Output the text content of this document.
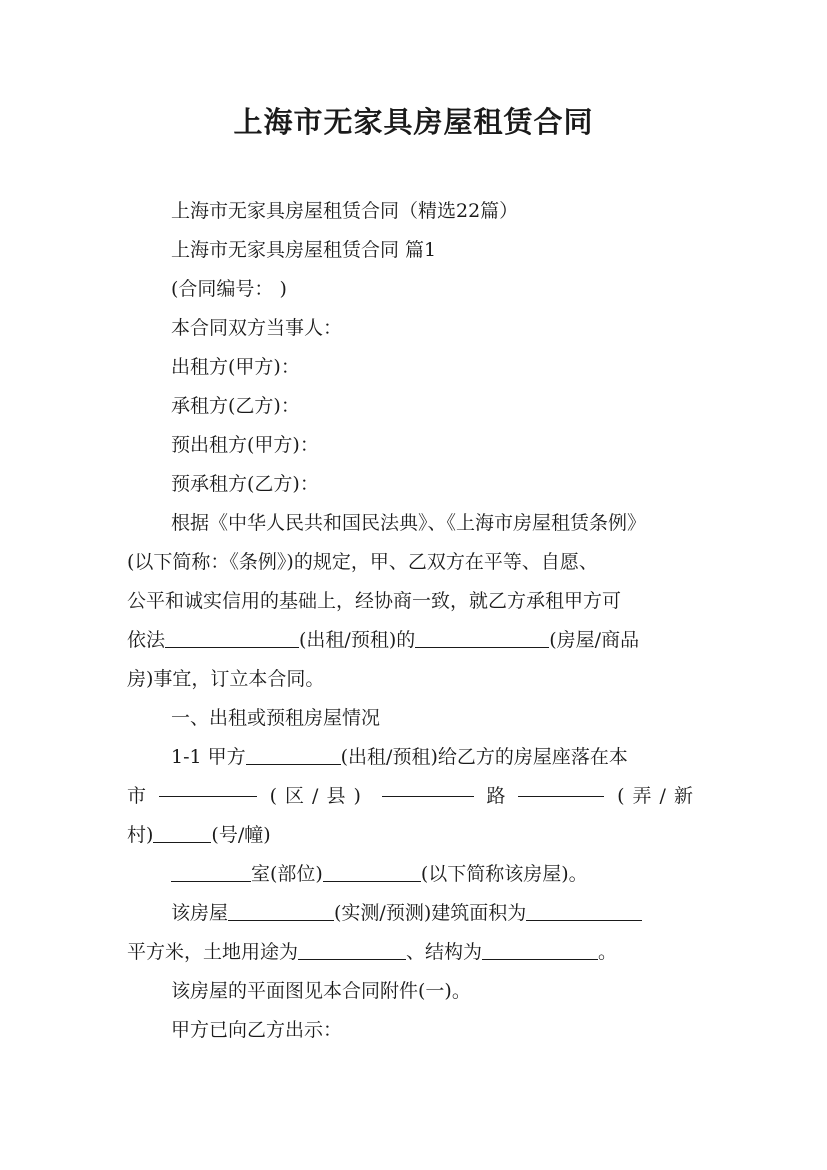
上海市无家具房屋租赁合同

上海市无家具房屋租赁合同（精选22篇）

上海市无家具房屋租赁合同 篇1

(合同编号： )

本合同双方当事人：

出租方(甲方)：

承租方(乙方)：

预出租方(甲方)：

预承租方(乙方)：

根据《中华人民共和国民法典》、《上海市房屋租赁条例》

(以下简称：《条例》)的规定，甲、乙双方在平等、自愿、

公平和诚实信用的基础上，经协商一致，就乙方承租甲方可

依法	(出租/预租)的	(房屋/商品

房)事宜，订立本合同。

一、出租或预租房屋情况

1-1 甲方	(出租/预租)给乙方的房屋座落在本

市	(区/县)	路	(弄/新

村)	(号/幢)

室(部位)	(以下简称该房屋)。

该房屋	(实测/预测)建筑面积为

平方米，土地用途为	、结构为	。

该房屋的平面图见本合同附件(一)。

甲方已向乙方出示：
